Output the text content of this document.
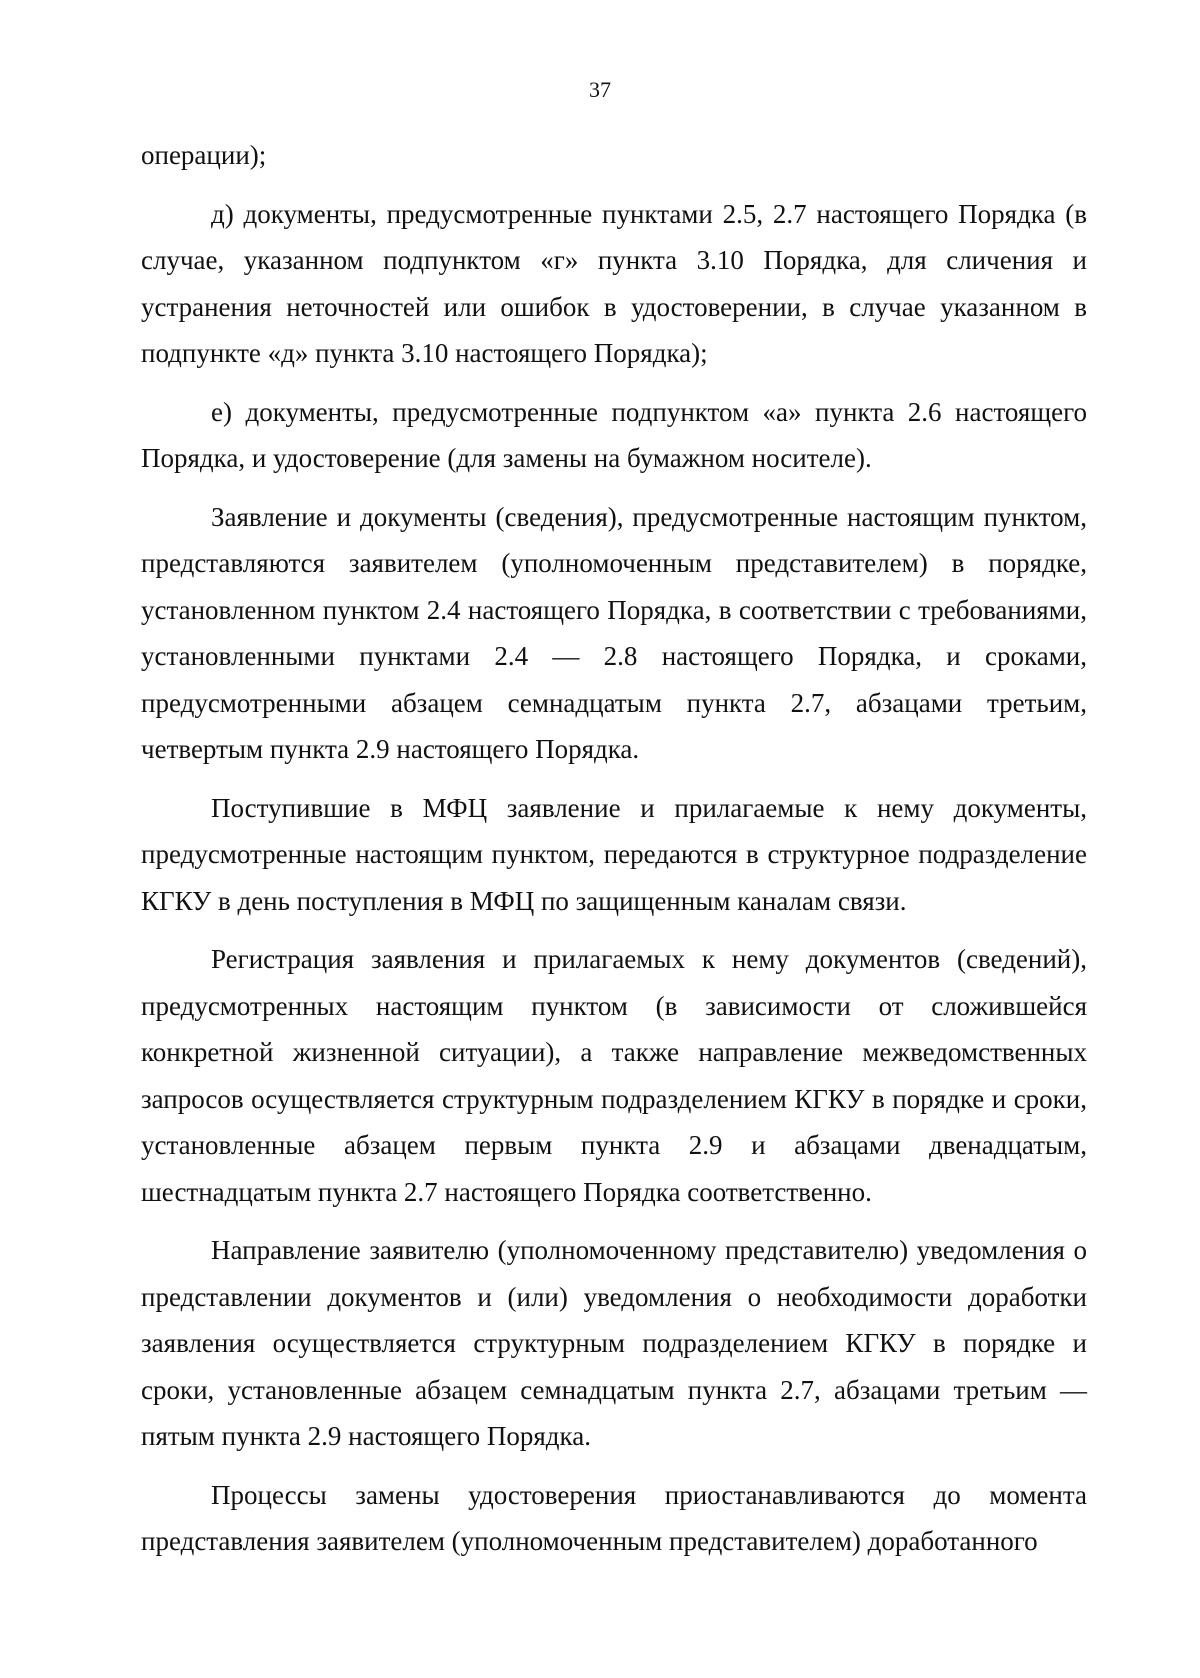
37

операции);

д) документы, предусмотренные пунктами 2.5, 2.7 настоящего Порядка (в случае, указанном подпунктом «г» пункта 3.10 Порядка, для сличения и устранения неточностей или ошибок в удостоверении, в случае указанном в подпункте «д» пункта 3.10 настоящего Порядка);

е) документы, предусмотренные подпунктом «а» пункта 2.6 настоящего Порядка, и удостоверение (для замены на бумажном носителе).

Заявление и документы (сведения), предусмотренные настоящим пунктом, представляются заявителем (уполномоченным представителем) в порядке, установленном пунктом 2.4 настоящего Порядка, в соответствии с требованиями, установленными пунктами 2.4 — 2.8 настоящего Порядка, и сроками, предусмотренными абзацем семнадцатым пункта 2.7, абзацами третьим, четвертым пункта 2.9 настоящего Порядка.

Поступившие в МФЦ заявление и прилагаемые к нему документы, предусмотренные настоящим пунктом, передаются в структурное подразделение КГКУ в день поступления в МФЦ по защищенным каналам связи.

Регистрация заявления и прилагаемых к нему документов (сведений), предусмотренных настоящим пунктом (в зависимости от сложившейся конкретной жизненной ситуации), а также направление межведомственных запросов осуществляется структурным подразделением КГКУ в порядке и сроки, установленные абзацем первым пункта 2.9 и абзацами двенадцатым, шестнадцатым пункта 2.7 настоящего Порядка соответственно.

Направление заявителю (уполномоченному представителю) уведомления о представлении документов и (или) уведомления о необходимости доработки заявления осуществляется структурным подразделением КГКУ в порядке и сроки, установленные абзацем семнадцатым пункта 2.7, абзацами третьим — пятым пункта 2.9 настоящего Порядка.

Процессы замены удостоверения приостанавливаются до момента представления заявителем (уполномоченным представителем) доработанного
